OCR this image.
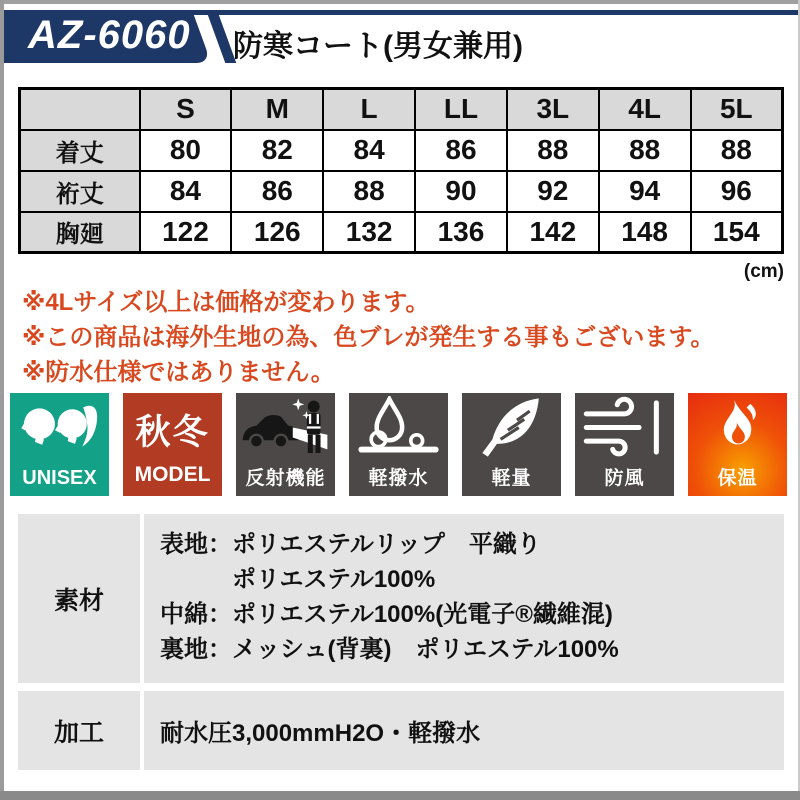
AZ-6060 防寒コート(男女兼用)
	S	M	L	LL	3L	4L	5L
着丈	80	82	84	86	88	88	88
裄丈	84	86	88	90	92	94	96
胸廻	122	126	132	136	142	148	154
(cm)
※4Lサイズ以上は価格が変わります。
※この商品は海外生地の為、色ブレが発生する事もございます。
※防水仕様ではありません。
UNISEX
秋冬
MODEL	反射機能	軽撥水	軽量	防風	保温
素材
表地：ポリエステルリップ　平織り
ポリエステル100%
中綿：ポリエステル100%(光電子®繊維混)
裏地：メッシュ(背裏)　ポリエステル100%
加工	耐水圧3,000mmH2O・軽撥水
